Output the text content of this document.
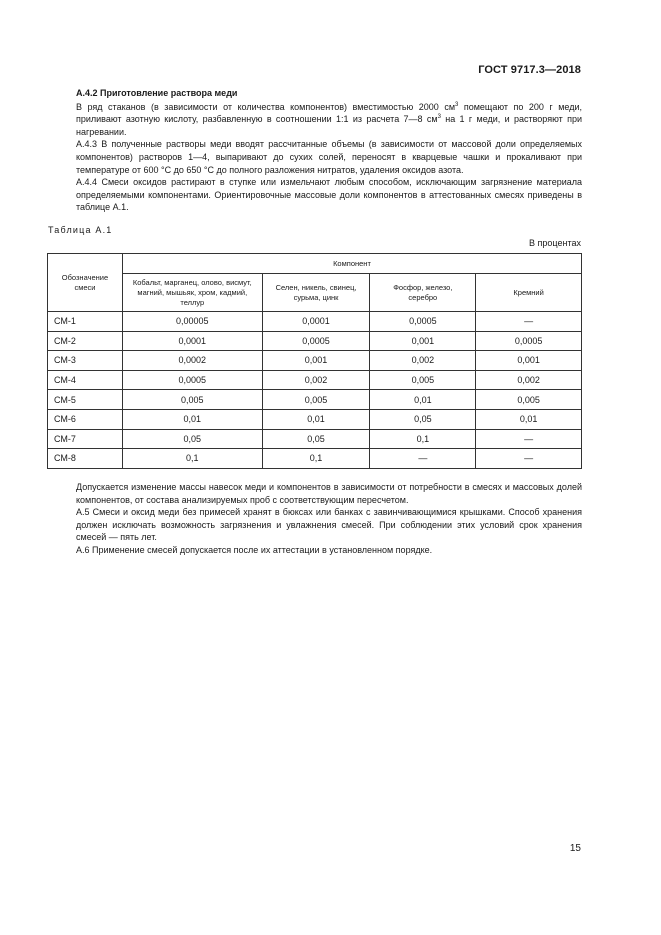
ГОСТ 9717.3—2018
А.4.2 Приготовление раствора меди

В ряд стаканов (в зависимости от количества компонентов) вместимостью 2000 $см^3$ помещают по 200 г меди, приливают азотную кислоту, разбавленную в соотношении 1:1 из расчета 7—8 $см^3$ на 1 г меди, и растворяют при нагревании.

А.4.3 В полученные растворы меди вводят рассчитанные объемы (в зависимости от массовой доли определяемых компонентов) растворов 1—4, выпаривают до сухих солей, переносят в кварцевые чашки и прокаливают при температуре от 600 °С до 650 °С до полного разложения нитратов, удаления оксидов азота.

А.4.4 Смеси оксидов растирают в ступке или измельчают любым способом, исключающим загрязнение материала определяемыми компонентами. Ориентировочные массовые доли компонентов в аттестованных смесях приведены в таблице А.1.

Таблица А.1
В процентах
Обозначение смеси	Компонент			
	Кобальт, марганец, олово, висмут, магний, мышьяк, хром, кадмий, теллур	Селен, никель, свинец, сурьма, цинк	Фосфор, железо, серебро	Кремний
СМ-1	0,00005	0,0001	0,0005	—
СМ-2	0,0001	0,0005	0,001	0,0005
СМ-3	0,0002	0,001	0,002	0,001
СМ-4	0,0005	0,002	0,005	0,002
СМ-5	0,005	0,005	0,01	0,005
СМ-6	0,01	0,01	0,05	0,01
СМ-7	0,05	0,05	0,1	—
СМ-8	0,1	0,1	—	—

Допускается изменение массы навесок меди и компонентов в зависимости от потребности в смесях и массовых долей компонентов, от состава анализируемых проб с соответствующим пересчетом.

А.5 Смеси и оксид меди без примесей хранят в бюксах или банках с завинчивающимися крышками. Способ хранения должен исключать возможность загрязнения и увлажнения смесей. При соблюдении этих условий срок хранения смесей — пять лет.

А.6 Применение смесей допускается после их аттестации в установленном порядке.

15
